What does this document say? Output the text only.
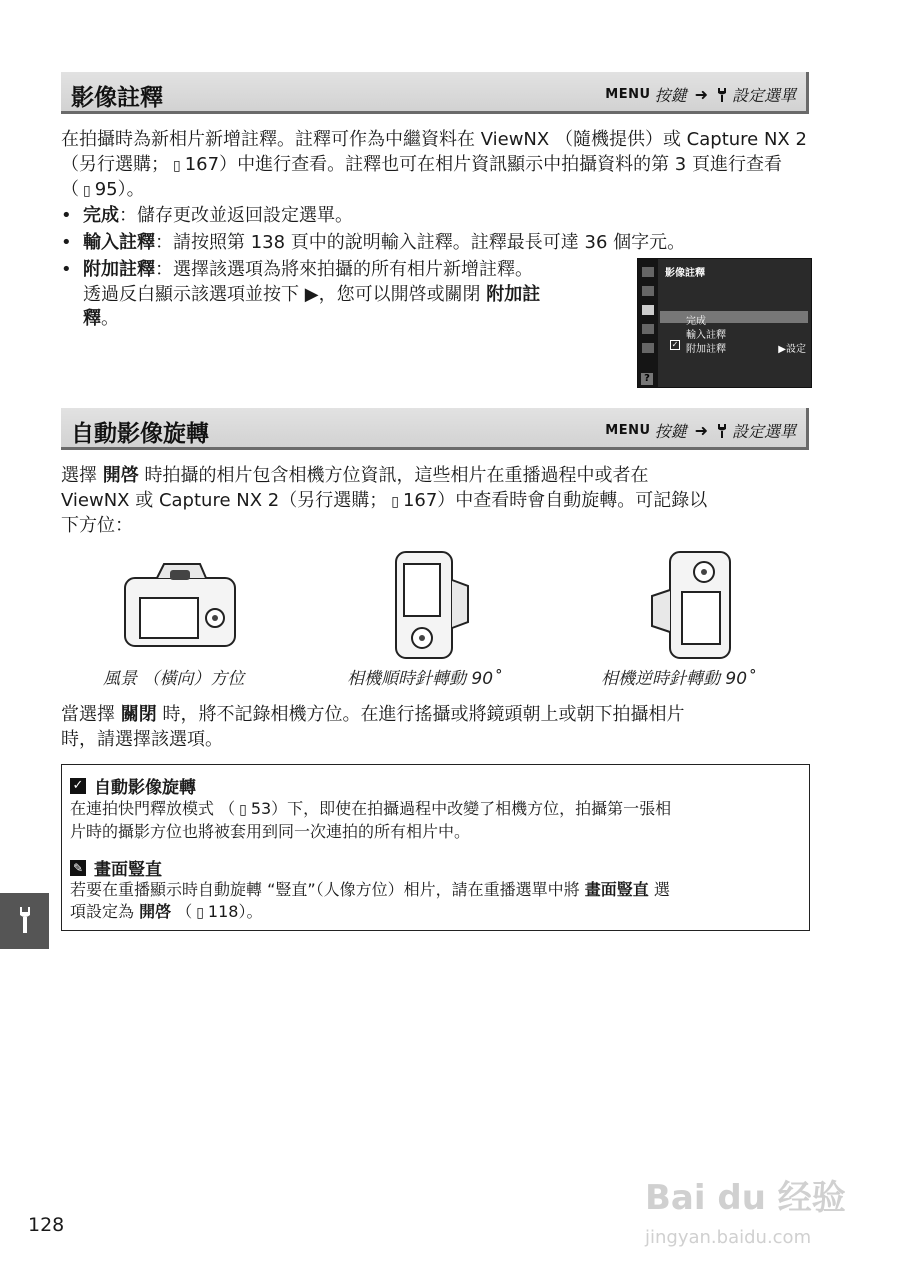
影像註釋	MENU 按鍵 ➜ 設定選單
在拍攝時為新相片新增註釋。註釋可作為中繼資料在 ViewNX （隨機提供）或 Capture NX 2（另行選購； ▯ 167）中進行查看。註釋也可在相片資訊顯示中拍攝資料的第 3 頁進行查看 （ ▯ 95）。
• 完成：儲存更改並返回設定選單。
• 輸入註釋：請按照第 138 頁中的說明輸入註釋。註釋最長可達 36 個字元。
• 附加註釋：選擇該選項為將來拍攝的所有相片新增註釋。
透過反白顯示該選項並按下 ▶，您可以開啓或關閉 附加註
釋。
影像註釋
完成
輸入註釋
✓ 附加註釋	▶設定
?
自動影像旋轉	MENU 按鍵 ➜ 設定選單
選擇 開啓 時拍攝的相片包含相機方位資訊，這些相片在重播過程中或者在
ViewNX 或 Capture NX 2（另行選購； ▯ 167）中查看時會自動旋轉。可記錄以
下方位：
風景 （橫向）方位	相機順時針轉動 90˚	相機逆時針轉動 90˚
當選擇 關閉 時，將不記錄相機方位。在進行搖攝或將鏡頭朝上或朝下拍攝相片
時，請選擇該選項。
✓ 自動影像旋轉
在連拍快門釋放模式 （ ▯ 53）下，即使在拍攝過程中改變了相機方位，拍攝第一張相
片時的攝影方位也將被套用到同一次連拍的所有相片中。
✎ 畫面豎直
若要在重播顯示時自動旋轉 “豎直”（人像方位）相片，請在重播選單中將 畫面豎直 選
項設定為 開啓 （ ▯ 118）。
128
Bai du 经验
jingyan.baidu.com
